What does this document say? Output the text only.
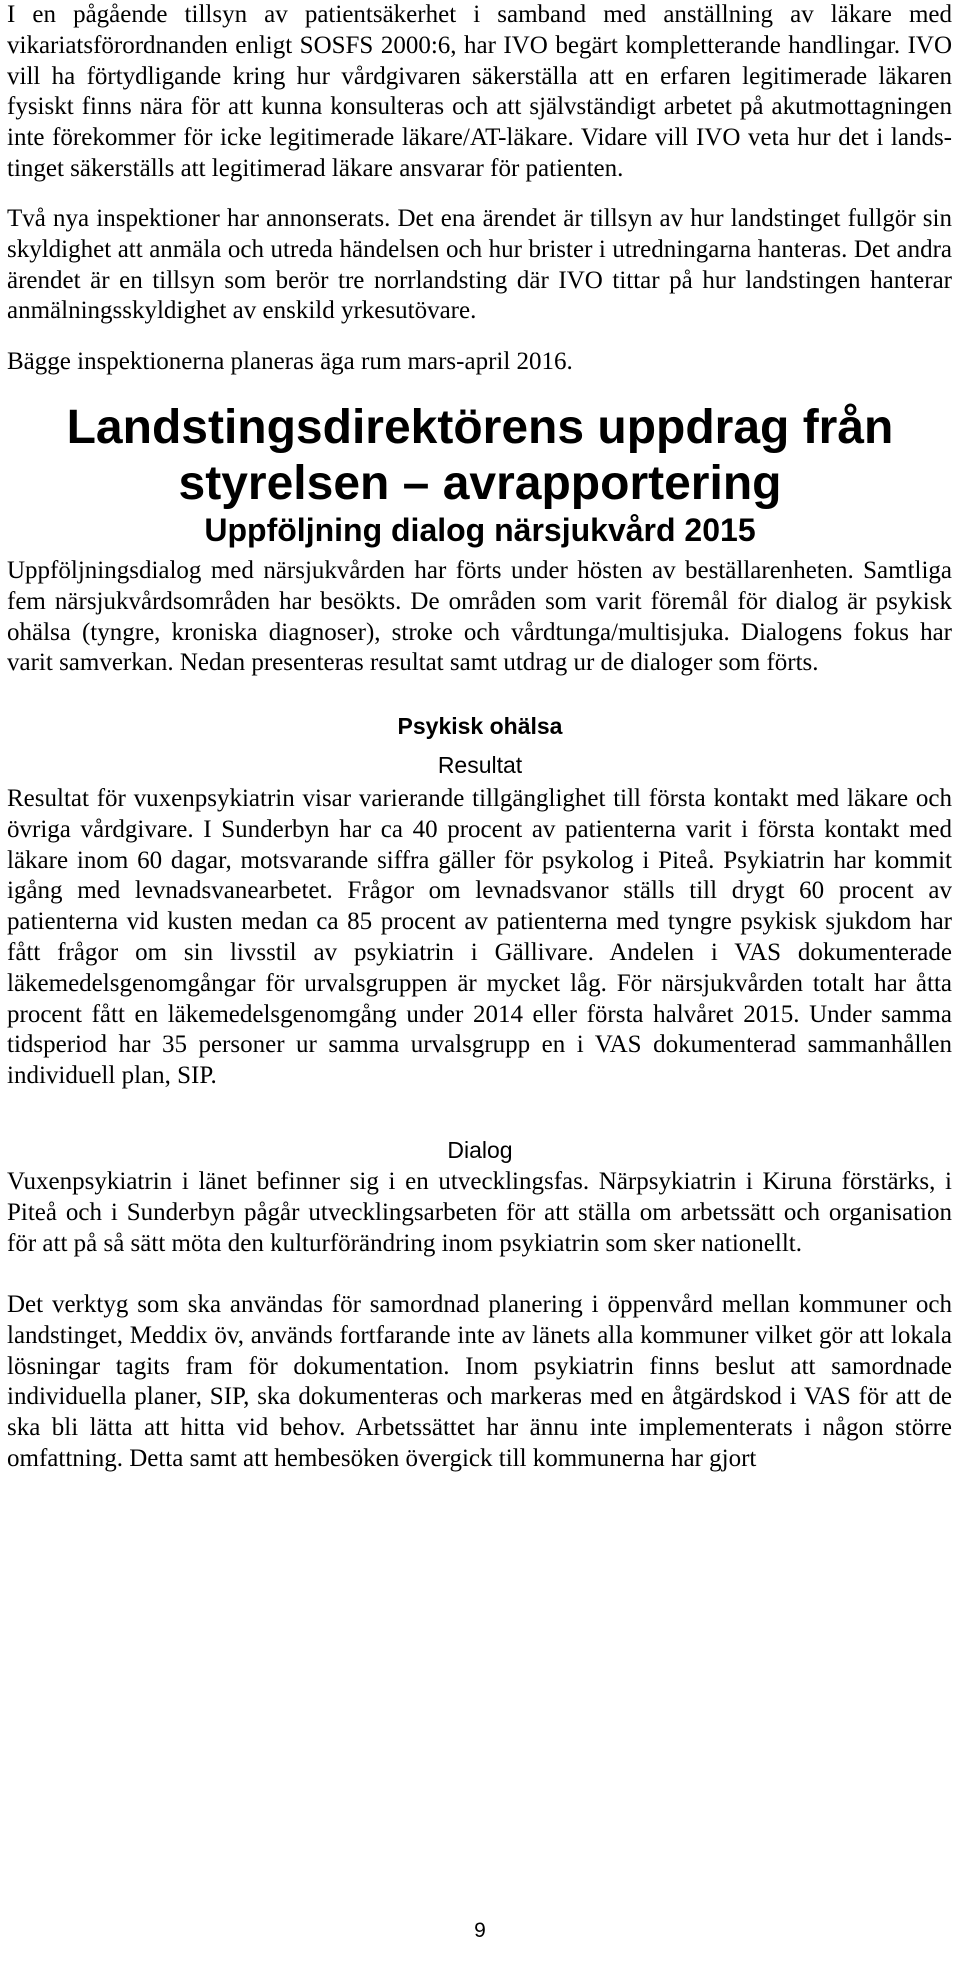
I en pågående tillsyn av patientsäkerhet i samband med anställning av läkare med vikariatsförordnanden enligt SOSFS 2000:6, har IVO begärt kompletterande handlingar. IVO vill ha förtydligande kring hur vårdgivaren säkerställa att en erfaren legitimerade läkaren fysiskt finns nära för att kunna konsulteras och att självständigt arbetet på akutmottagningen inte förekommer för icke legitimerade läkare/AT-läkare. Vidare vill IVO veta hur det i landstinget säkerställs att legitimerad läkare ansvarar för patienten.

Två nya inspektioner har annonserats. Det ena ärendet är tillsyn av hur landstinget fullgör sin skyldighet att anmäla och utreda händelsen och hur brister i utredningarna hanteras. Det andra ärendet är en tillsyn som berör tre norrlandsting där IVO tittar på hur landstingen hanterar anmälningsskyldighet av enskild yrkesutövare.

Bägge inspektionerna planeras äga rum mars-april 2016.

Landstingsdirektörens uppdrag från styrelsen – avrapportering
Uppföljning dialog närsjukvård 2015

Uppföljningsdialog med närsjukvården har förts under hösten av beställarenheten. Samtliga fem närsjukvårdsområden har besökts. De områden som varit föremål för dialog är psykisk ohälsa (tyngre, kroniska diagnoser), stroke och vårdtunga/multisjuka. Dialogens fokus har varit samverkan. Nedan presenteras resultat samt utdrag ur de dialoger som förts.

Psykisk ohälsa
Resultat

Resultat för vuxenpsykiatrin visar varierande tillgänglighet till första kontakt med läkare och övriga vårdgivare. I Sunderbyn har ca 40 procent av patienterna varit i första kontakt med läkare inom 60 dagar, motsvarande siffra gäller för psykolog i Piteå. Psykiatrin har kommit igång med levnadsvanearbetet. Frågor om levnadsvanor ställs till drygt 60 procent av patienterna vid kusten medan ca 85 procent av patienterna med tyngre psykisk sjukdom har fått frågor om sin livsstil av psykiatrin i Gällivare. Andelen i VAS dokumenterade läkemedelsgenomgångar för urvalsgruppen är mycket låg. För närsjukvården totalt har åtta procent fått en läkemedelsgenomgång under 2014 eller första halvåret 2015. Under samma tidsperiod har 35 personer ur samma urvalsgrupp en i VAS dokumenterad sammanhållen individuell plan, SIP.

Dialog

Vuxenpsykiatrin i länet befinner sig i en utvecklingsfas. Närpsykiatrin i Kiruna förstärks, i Piteå och i Sunderbyn pågår utvecklingsarbeten för att ställa om arbetssätt och organisation för att på så sätt möta den kulturförändring inom psykiatrin som sker nationellt.

Det verktyg som ska användas för samordnad planering i öppenvård mellan kommuner och landstinget, Meddix öv, används fortfarande inte av länets alla kommuner vilket gör att lokala lösningar tagits fram för dokumentation. Inom psykiatrin finns beslut att samordnade individuella planer, SIP, ska dokumenteras och markeras med en åtgärdskod i VAS för att de ska bli lätta att hitta vid behov. Arbetssättet har ännu inte implementerats i någon större omfattning. Detta samt att hembesöken övergick till kommunerna har gjort

9
